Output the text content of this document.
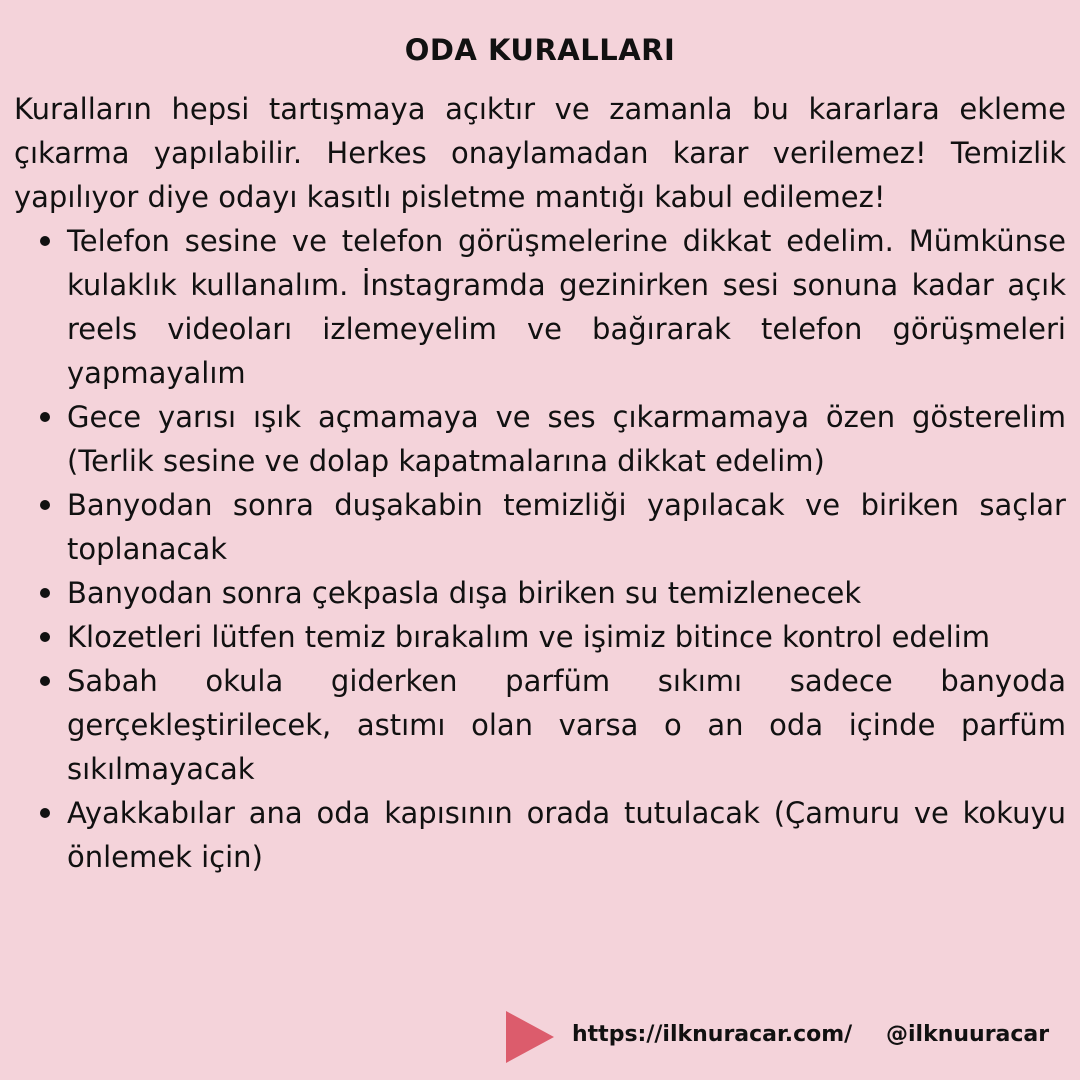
ODA KURALLARI

Kuralların hepsi tartışmaya açıktır ve zamanla bu kararlara ekleme çıkarma yapılabilir. Herkes onaylamadan karar verilemez! Temizlik yapılıyor diye odayı kasıtlı pisletme mantığı kabul edilemez!

Telefon sesine ve telefon görüşmelerine dikkat edelim. Mümkünse kulaklık kullanalım. İnstagramda gezinirken sesi sonuna kadar açık reels videoları izlemeyelim ve bağırarak telefon görüşmeleri yapmayalım
Gece yarısı ışık açmamaya ve ses çıkarmamaya özen gösterelim (Terlik sesine ve dolap kapatmalarına dikkat edelim)
Banyodan sonra duşakabin temizliği yapılacak ve biriken saçlar toplanacak
Banyodan sonra çekpasla dışa biriken su temizlenecek
Klozetleri lütfen temiz bırakalım ve işimiz bitince kontrol edelim
Sabah okula giderken parfüm sıkımı sadece banyoda gerçekleştirilecek, astımı olan varsa o an oda içinde parfüm sıkılmayacak
Ayakkabılar ana oda kapısının orada tutulacak (Çamuru ve kokuyu önlemek için)
https://ilknuracar.com/ @ilknuuracar
